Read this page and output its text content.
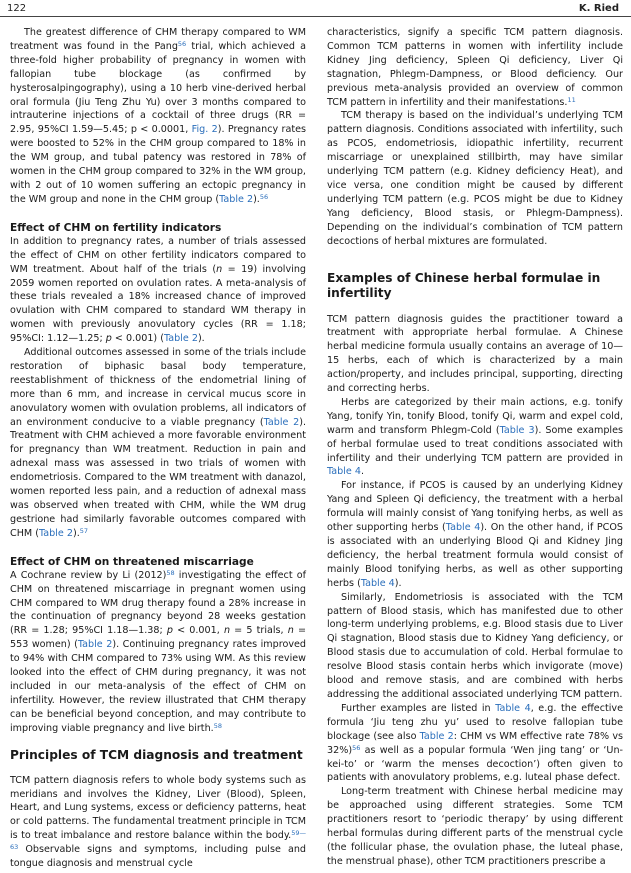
122	K. Ried

The greatest difference of CHM therapy compared to WM treatment was found in the Pang$^{56}$ trial, which achieved a three-fold higher probability of pregnancy in women with fallopian tube blockage (as confirmed by hysterosalpingography), using a 10 herb vine-derived herbal oral formula (Jiu Teng Zhu Yu) over 3 months compared to intrauterine injections of a cocktail of three drugs (RR = 2.95, 95%CI 1.59—5.45; p < 0.0001, Fig. 2). Pregnancy rates were boosted to 52% in the CHM group compared to 18% in the WM group, and tubal patency was restored in 78% of women in the CHM group compared to 32% in the WM group, with 2 out of 10 women suffering an ectopic pregnancy in the WM group and none in the CHM group (Table 2).$^{56}$

Effect of CHM on fertility indicators

In addition to pregnancy rates, a number of trials assessed the effect of CHM on other fertility indicators compared to WM treatment. About half of the trials (n = 19) involving 2059 women reported on ovulation rates. A meta-analysis of these trials revealed a 18% increased chance of improved ovulation with CHM compared to standard WM therapy in women with previously anovulatory cycles (RR = 1.18; 95%CI: 1.12—1.25; p < 0.001) (Table 2).

Additional outcomes assessed in some of the trials include restoration of biphasic basal body temperature, reestablishment of thickness of the endometrial lining of more than 6 mm, and increase in cervical mucus score in anovulatory women with ovulation problems, all indicators of an environment conducive to a viable pregnancy (Table 2). Treatment with CHM achieved a more favorable environment for pregnancy than WM treatment. Reduction in pain and adnexal mass was assessed in two trials of women with endometriosis. Compared to the WM treatment with danazol, women reported less pain, and a reduction of adnexal mass was observed when treated with CHM, while the WM drug gestrione had similarly favorable outcomes compared with CHM (Table 2).$^{57}$

Effect of CHM on threatened miscarriage

A Cochrane review by Li $(2012)^{58}$ investigating the effect of CHM on threatened miscarriage in pregnant women using CHM compared to WM drug therapy found a 28% increase in the continuation of pregnancy beyond 28 weeks gestation (RR = 1.28; 95%CI 1.18—1.38; p < 0.001, n = 5 trials, n = 553 women) (Table 2). Continuing pregnancy rates improved to 94% with CHM compared to 73% using WM. As this review looked into the effect of CHM during pregnancy, it was not included in our meta-analysis of the effect of CHM on infertility. However, the review illustrated that CHM therapy can be beneficial beyond conception, and may contribute to improving viable pregnancy and live birth.$^{58}$

Principles of TCM diagnosis and treatment

TCM pattern diagnosis refers to whole body systems such as meridians and involves the Kidney, Liver (Blood), Spleen, Heart, and Lung systems, excess or deficiency patterns, heat or cold patterns. The fundamental treatment principle in TCM is to treat imbalance and restore balance within the body.$^{59—63}$ Observable signs and symptoms, including pulse and tongue diagnosis and menstrual cycle

characteristics, signify a specific TCM pattern diagnosis. Common TCM patterns in women with infertility include Kidney Jing deficiency, Spleen Qi deficiency, Liver Qi stagnation, Phlegm-Dampness, or Blood deficiency. Our previous meta-analysis provided an overview of common TCM pattern in infertility and their manifestations.$^{11}$

TCM therapy is based on the individual’s underlying TCM pattern diagnosis. Conditions associated with infertility, such as PCOS, endometriosis, idiopathic infertility, recurrent miscarriage or unexplained stillbirth, may have similar underlying TCM pattern (e.g. Kidney deficiency Heat), and vice versa, one condition might be caused by different underlying TCM pattern (e.g. PCOS might be due to Kidney Yang deficiency, Blood stasis, or Phlegm-Dampness). Depending on the individual’s combination of TCM pattern decoctions of herbal mixtures are formulated.

Examples of Chinese herbal formulae in infertility

TCM pattern diagnosis guides the practitioner toward a treatment with appropriate herbal formulae. A Chinese herbal medicine formula usually contains an average of 10—15 herbs, each of which is characterized by a main action/property, and includes principal, supporting, directing and correcting herbs.

Herbs are categorized by their main actions, e.g. tonify Yang, tonify Yin, tonify Blood, tonify Qi, warm and expel cold, warm and transform Phlegm-Cold (Table 3). Some examples of herbal formulae used to treat conditions associated with infertility and their underlying TCM pattern are provided in Table 4.

For instance, if PCOS is caused by an underlying Kidney Yang and Spleen Qi deficiency, the treatment with a herbal formula will mainly consist of Yang tonifying herbs, as well as other supporting herbs (Table 4). On the other hand, if PCOS is associated with an underlying Blood Qi and Kidney Jing deficiency, the herbal treatment formula would consist of mainly Blood tonifying herbs, as well as other supporting herbs (Table 4).

Similarly, Endometriosis is associated with the TCM pattern of Blood stasis, which has manifested due to other long-term underlying problems, e.g. Blood stasis due to Liver Qi stagnation, Blood stasis due to Kidney Yang deficiency, or Blood stasis due to accumulation of cold. Herbal formulae to resolve Blood stasis contain herbs which invigorate (move) blood and remove stasis, and are combined with herbs addressing the additional associated underlying TCM pattern.

Further examples are listed in Table 4, e.g. the effective formula ‘Jiu teng zhu yu’ used to resolve fallopian tube blockage (see also Table 2: CHM vs WM effective rate 78% vs 32%)$^{56}$ as well as a popular formula ‘Wen jing tang’ or ‘Un-kei-to’ or ‘warm the menses decoction’) often given to patients with anovulatory problems, e.g. luteal phase defect.

Long-term treatment with Chinese herbal medicine may be approached using different strategies. Some TCM practitioners resort to ‘periodic therapy’ by using different herbal formulas during different parts of the menstrual cycle (the follicular phase, the ovulation phase, the luteal phase, the menstrual phase), other TCM practitioners prescribe a
